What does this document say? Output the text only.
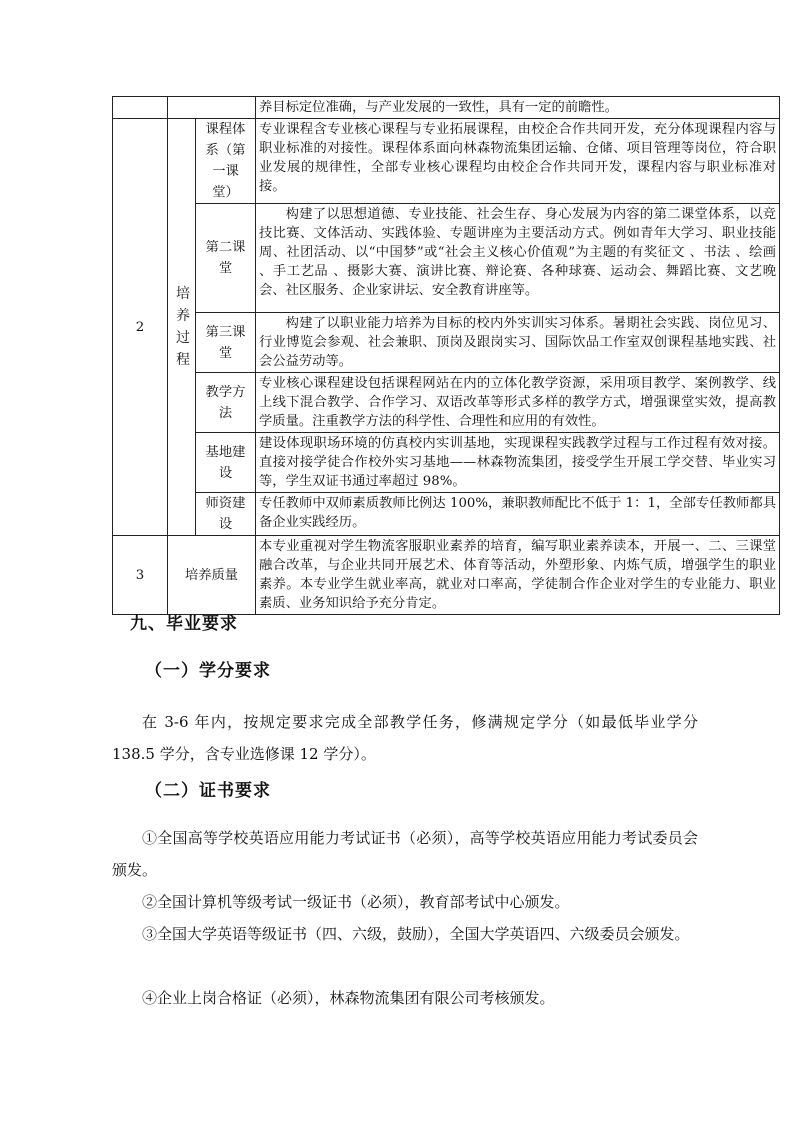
			养目标定位准确，与产业发展的一致性，具有一定的前瞻性。
2	培养过程	课程体系（第一课堂）	专业课程含专业核心课程与专业拓展课程，由校企合作共同开发，充分体现课程内容与职业标准的对接性。课程体系面向林森物流集团运输、仓储、项目管理等岗位，符合职业发展的规律性，全部专业核心课程均由校企合作共同开发，课程内容与职业标准对接。
		第二课堂	构建了以思想道德、专业技能、社会生存、身心发展为内容的第二课堂体系，以竞技比赛、文体活动、实践体验、专题讲座为主要活动方式。例如青年大学习、职业技能周、社团活动、以“中国梦”或“社会主义核心价值观”为主题的有奖征文 、书法 、绘画 、手工艺品 、摄影大赛、演讲比赛、辩论赛、各种球赛、运动会、舞蹈比赛、文艺晚会、社区服务、企业家讲坛、安全教育讲座等。
		第三课堂	构建了以职业能力培养为目标的校内外实训实习体系。暑期社会实践、岗位见习、行业博览会参观、社会兼职、顶岗及跟岗实习、国际饮品工作室双创课程基地实践、社会公益劳动等。
		教学方法	专业核心课程建设包括课程网站在内的立体化教学资源，采用项目教学、案例教学、线上线下混合教学、合作学习、双语改革等形式多样的教学方式，增强课堂实效，提高教学质量。注重教学方法的科学性、合理性和应用的有效性。
		基地建设	建设体现职场环境的仿真校内实训基地，实现课程实践教学过程与工作过程有效对接。直接对接学徒合作校外实习基地——林森物流集团，接受学生开展工学交替、毕业实习等，学生双证书通过率超过 98%。
		师资建设	专任教师中双师素质教师比例达 100%，兼职教师配比不低于 1：1，全部专任教师都具备企业实践经历。
3	培养质量		本专业重视对学生物流客服职业素养的培育，编写职业素养读本，开展一、二、三课堂融合改革，与企业共同开展艺术、体育等活动，外塑形象、内炼气质，增强学生的职业素养。本专业学生就业率高，就业对口率高，学徒制合作企业对学生的专业能力、职业素质、业务知识给予充分肯定。
九、毕业要求
（一）学分要求
在 3-6 年内，按规定要求完成全部教学任务，修满规定学分（如最低毕业学分 138.5 学分，含专业选修课 12 学分）。
（二）证书要求
①全国高等学校英语应用能力考试证书（必须），高等学校英语应用能力考试委员会颁发。
②全国计算机等级考试一级证书（必须），教育部考试中心颁发。
③全国大学英语等级证书（四、六级，鼓励），全国大学英语四、六级委员会颁发。
④企业上岗合格证（必须），林森物流集团有限公司考核颁发。
